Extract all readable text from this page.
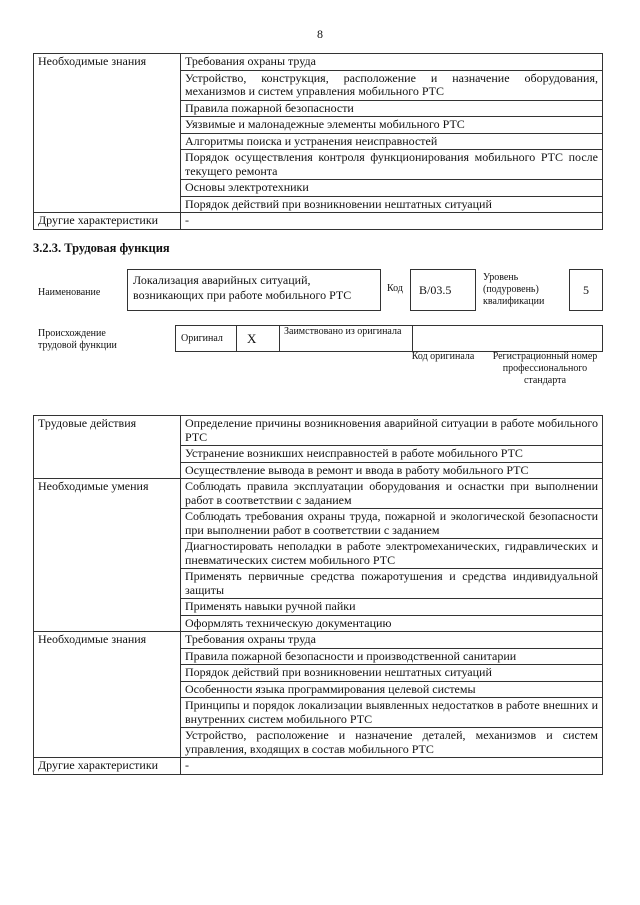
8
Необходимые знания	Требования охраны труда
	Устройство, конструкция, расположение и назначение оборудования, механизмов и систем управления мобильного РТС
	Правила пожарной безопасности
	Уязвимые и малонадежные элементы мобильного РТС
	Алгоритмы поиска и устранения неисправностей
	Порядок осуществления контроля функционирования мобильного РТС после текущего ремонта
	Основы электротехники
	Порядок действий при возникновении нештатных ситуаций
Другие характеристики	-
3.2.3. Трудовая функция
Наименование
Локализация аварийных ситуаций, возникающих при работе мобильного РТС	Код	B/03.5
Уровень (подуровень) квалификации
5
Происхождение трудовой функции
Оригинал X	Заимствовано из оригинала
Код оригинала	Регистрационный номер профессионального стандарта
Трудовые действия	Определение причины возникновения аварийной ситуации в работе мобильного РТС
	Устранение возникших неисправностей в работе мобильного РТС
	Осуществление вывода в ремонт и ввода в работу мобильного РТС
Необходимые умения	Соблюдать правила эксплуатации оборудования и оснастки при выполнении работ в соответствии с заданием
	Соблюдать требования охраны труда, пожарной и экологической безопасности при выполнении работ в соответствии с заданием
	Диагностировать неполадки в работе электромеханических, гидравлических и пневматических систем мобильного РТС
	Применять первичные средства пожаротушения и средства индивидуальной защиты
	Применять навыки ручной пайки
	Оформлять техническую документацию
Необходимые знания	Требования охраны труда
	Правила пожарной безопасности и производственной санитарии
	Порядок действий при возникновении нештатных ситуаций
	Особенности языка программирования целевой системы
	Принципы и порядок локализации выявленных недостатков в работе внешних и внутренних систем мобильного РТС
	Устройство, расположение и назначение деталей, механизмов и систем управления, входящих в состав мобильного РТС
Другие характеристики	-
